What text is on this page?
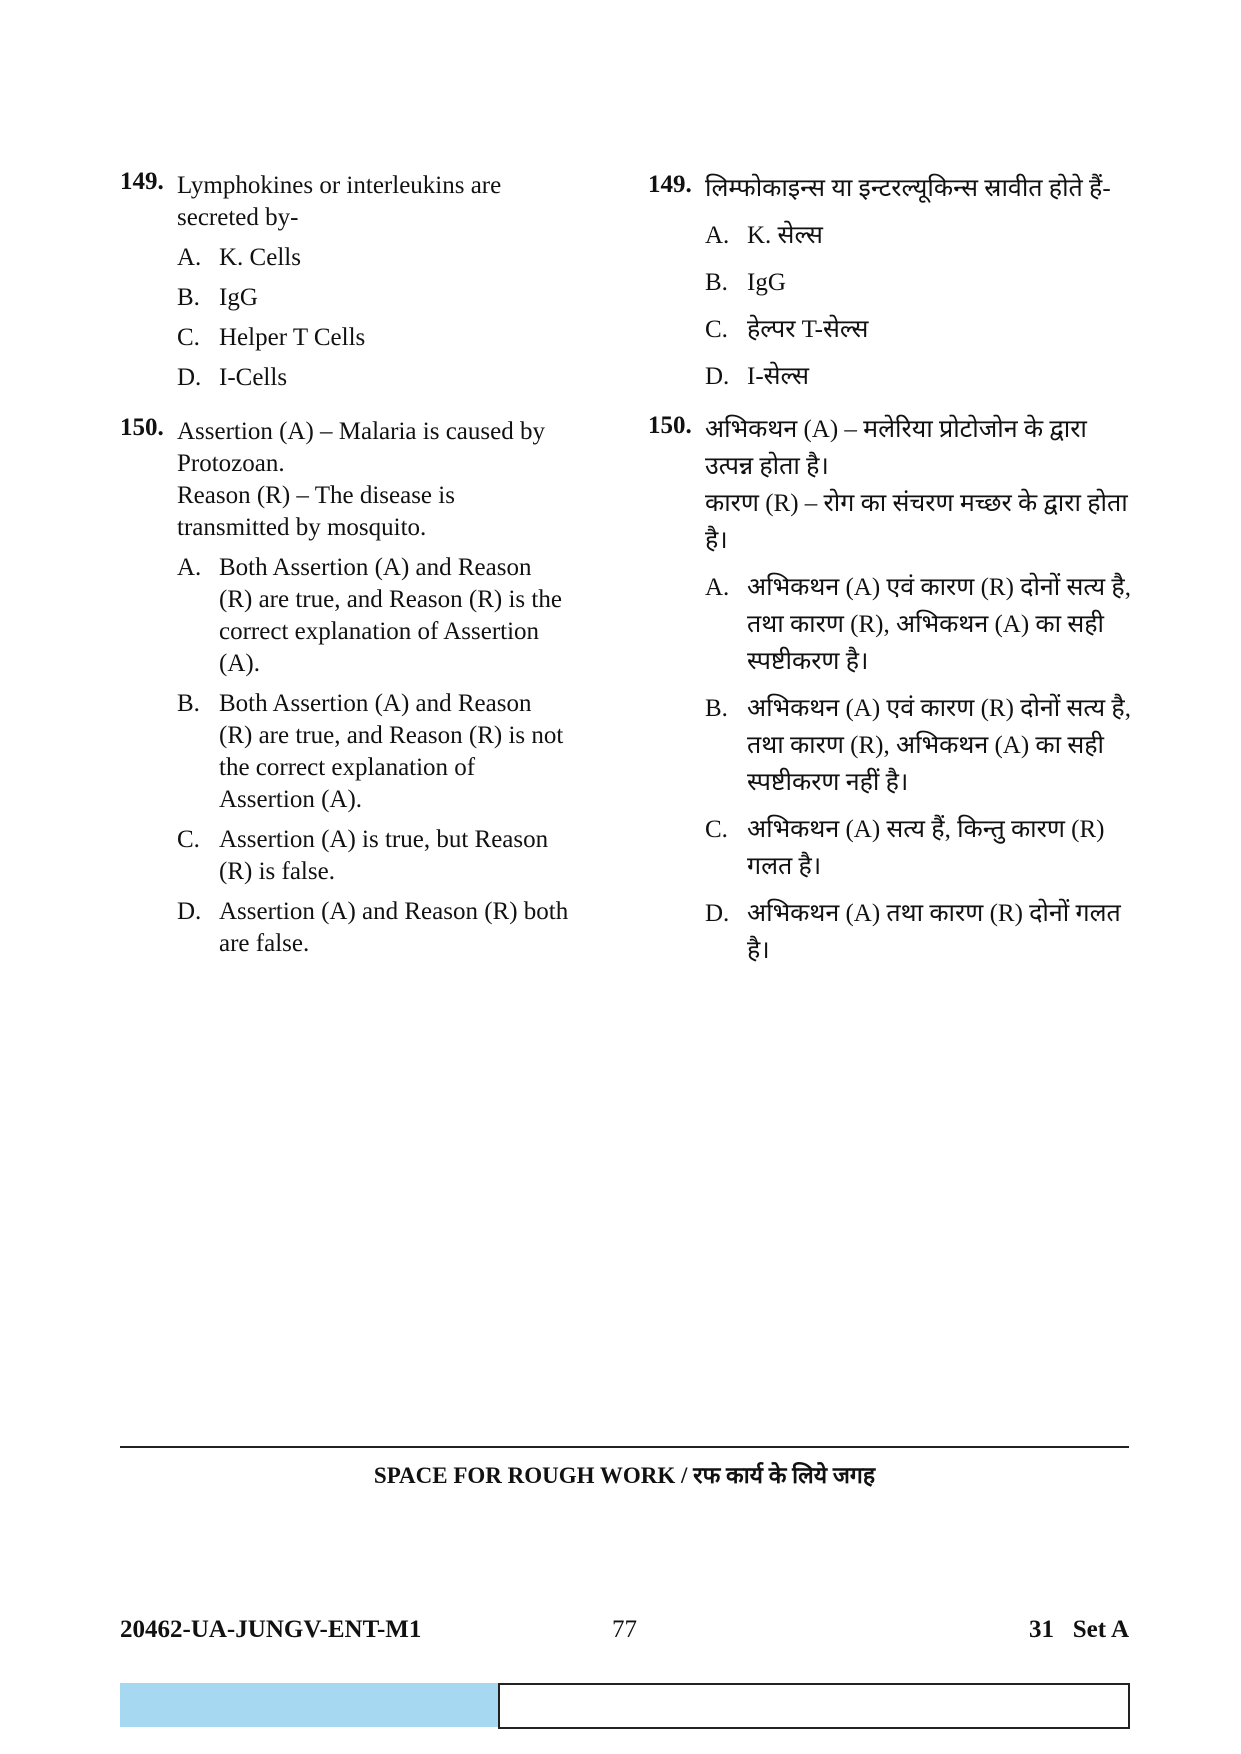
149. Lymphokines or interleukins are
secreted by-
A. K. Cells
B. IgG
C. Helper T Cells
D. I-Cells
150. Assertion (A) – Malaria is caused by
Protozoan.
Reason (R) – The disease is
transmitted by mosquito.
A. Both Assertion (A) and Reason
(R) are true, and Reason (R) is the
correct explanation of Assertion
(A).
B. Both Assertion (A) and Reason
(R) are true, and Reason (R) is not
the correct explanation of
Assertion (A).
C. Assertion (A) is true, but Reason
(R) is false.
D. Assertion (A) and Reason (R) both
are false.
149. लिम्फोकाइन्स या इन्टरल्यूकिन्स स्रावीत होते हैं-
A. K. सेल्स
B. IgG
C. हेल्पर T-सेल्स
D. I-सेल्स
150. अभिकथन (A) – मलेरिया प्रोटोजोन के द्वारा
उत्पन्न होता है।
कारण (R) – रोग का संचरण मच्छर के द्वारा होता
है।
A. अभिकथन (A) एवं कारण (R) दोनों सत्य है,
तथा कारण (R), अभिकथन (A) का सही
स्पष्टीकरण है।
B. अभिकथन (A) एवं कारण (R) दोनों सत्य है,
तथा कारण (R), अभिकथन (A) का सही
स्पष्टीकरण नहीं है।
C. अभिकथन (A) सत्य हैं, किन्तु कारण (R)
गलत है।
D. अभिकथन (A) तथा कारण (R) दोनों गलत
है।
SPACE FOR ROUGH WORK / रफ कार्य के लिये जगह
20462-UA-JUNGV-ENT-M1	77	31   Set A
